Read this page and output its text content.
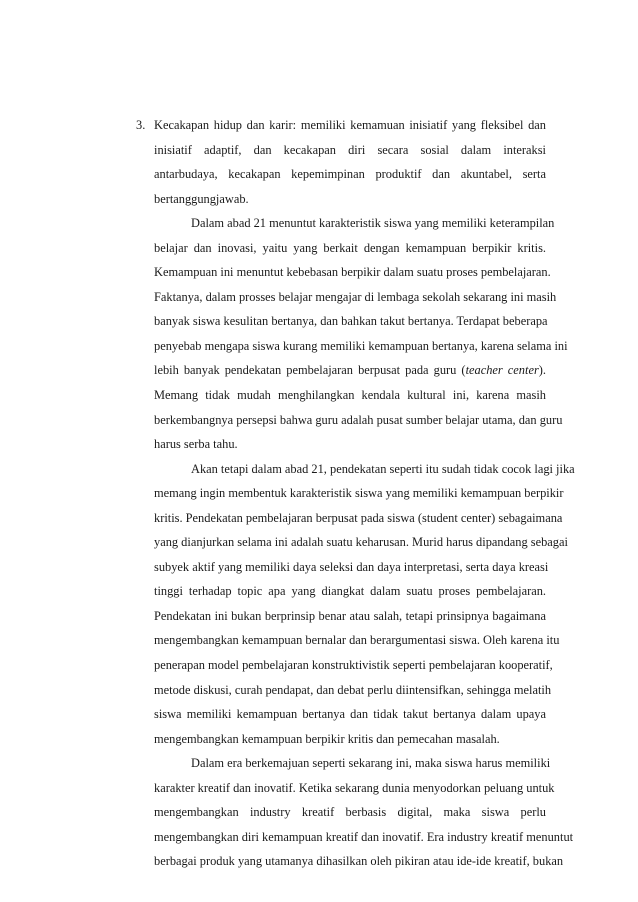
3. Kecakapan hidup dan karir: memiliki kemamuan inisiatif yang fleksibel dan
inisiatif adaptif, dan kecakapan diri secara sosial dalam interaksi
antarbudaya, kecakapan kepemimpinan produktif dan akuntabel, serta
bertanggungjawab.
Dalam abad 21 menuntut karakteristik siswa yang memiliki keterampilan
belajar dan inovasi, yaitu yang berkait dengan kemampuan berpikir kritis.
Kemampuan ini menuntut kebebasan berpikir dalam suatu proses pembelajaran.
Faktanya, dalam prosses belajar mengajar di lembaga sekolah sekarang ini masih
banyak siswa kesulitan bertanya, dan bahkan takut bertanya. Terdapat beberapa
penyebab mengapa siswa kurang memiliki kemampuan bertanya, karena selama ini
lebih banyak pendekatan pembelajaran berpusat pada guru (teacher center).
Memang tidak mudah menghilangkan kendala kultural ini, karena masih
berkembangnya persepsi bahwa guru adalah pusat sumber belajar utama, dan guru
harus serba tahu.
Akan tetapi dalam abad 21, pendekatan seperti itu sudah tidak cocok lagi jika
memang ingin membentuk karakteristik siswa yang memiliki kemampuan berpikir
kritis. Pendekatan pembelajaran berpusat pada siswa (student center) sebagaimana
yang dianjurkan selama ini adalah suatu keharusan. Murid harus dipandang sebagai
subyek aktif yang memiliki daya seleksi dan daya interpretasi, serta daya kreasi
tinggi terhadap topic apa yang diangkat dalam suatu proses pembelajaran.
Pendekatan ini bukan berprinsip benar atau salah, tetapi prinsipnya bagaimana
mengembangkan kemampuan bernalar dan berargumentasi siswa. Oleh karena itu
penerapan model pembelajaran konstruktivistik seperti pembelajaran kooperatif,
metode diskusi, curah pendapat, dan debat perlu diintensifkan, sehingga melatih
siswa memiliki kemampuan bertanya dan tidak takut bertanya dalam upaya
mengembangkan kemampuan berpikir kritis dan pemecahan masalah.
Dalam era berkemajuan seperti sekarang ini, maka siswa harus memiliki
karakter kreatif dan inovatif. Ketika sekarang dunia menyodorkan peluang untuk
mengembangkan industry kreatif berbasis digital, maka siswa perlu
mengembangkan diri kemampuan kreatif dan inovatif. Era industry kreatif menuntut
berbagai produk yang utamanya dihasilkan oleh pikiran atau ide-ide kreatif, bukan
